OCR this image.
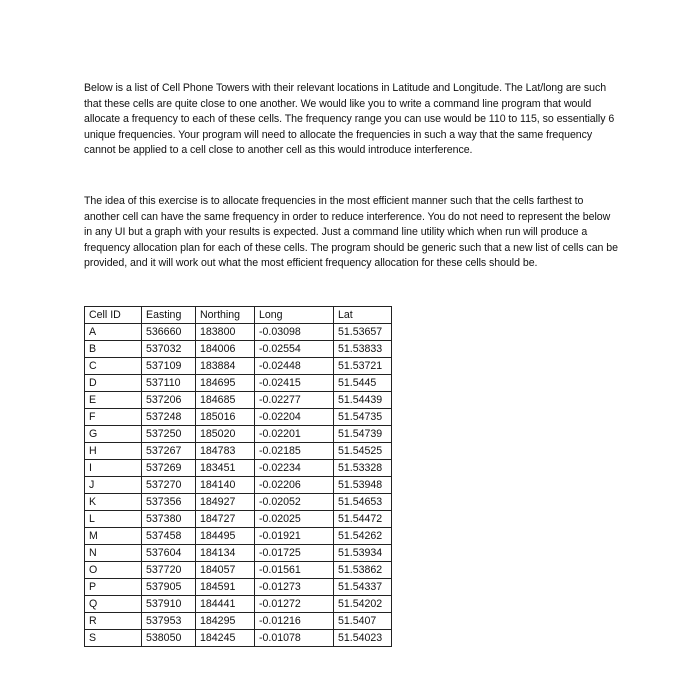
Below is a list of Cell Phone Towers with their relevant locations in Latitude and Longitude. The Lat/long are such that these cells are quite close to one another. We would like you to write a command line program that would allocate a frequency to each of these cells. The frequency range you can use would be 110 to 115, so essentially 6 unique frequencies. Your program will need to allocate the frequencies in such a way that the same frequency cannot be applied to a cell close to another cell as this would introduce interference.

The idea of this exercise is to allocate frequencies in the most efficient manner such that the cells farthest to another cell can have the same frequency in order to reduce interference. You do not need to represent the below in any UI but a graph with your results is expected. Just a command line utility which when run will produce a frequency allocation plan for each of these cells. The program should be generic such that a new list of cells can be provided, and it will work out what the most efficient frequency allocation for these cells should be.

Cell ID	Easting	Northing	Long	Lat
A	536660	183800	-0.03098	51.53657
B	537032	184006	-0.02554	51.53833
C	537109	183884	-0.02448	51.53721
D	537110	184695	-0.02415	51.5445
E	537206	184685	-0.02277	51.54439
F	537248	185016	-0.02204	51.54735
G	537250	185020	-0.02201	51.54739
H	537267	184783	-0.02185	51.54525
I	537269	183451	-0.02234	51.53328
J	537270	184140	-0.02206	51.53948
K	537356	184927	-0.02052	51.54653
L	537380	184727	-0.02025	51.54472
M	537458	184495	-0.01921	51.54262
N	537604	184134	-0.01725	51.53934
O	537720	184057	-0.01561	51.53862
P	537905	184591	-0.01273	51.54337
Q	537910	184441	-0.01272	51.54202
R	537953	184295	-0.01216	51.5407
S	538050	184245	-0.01078	51.54023
